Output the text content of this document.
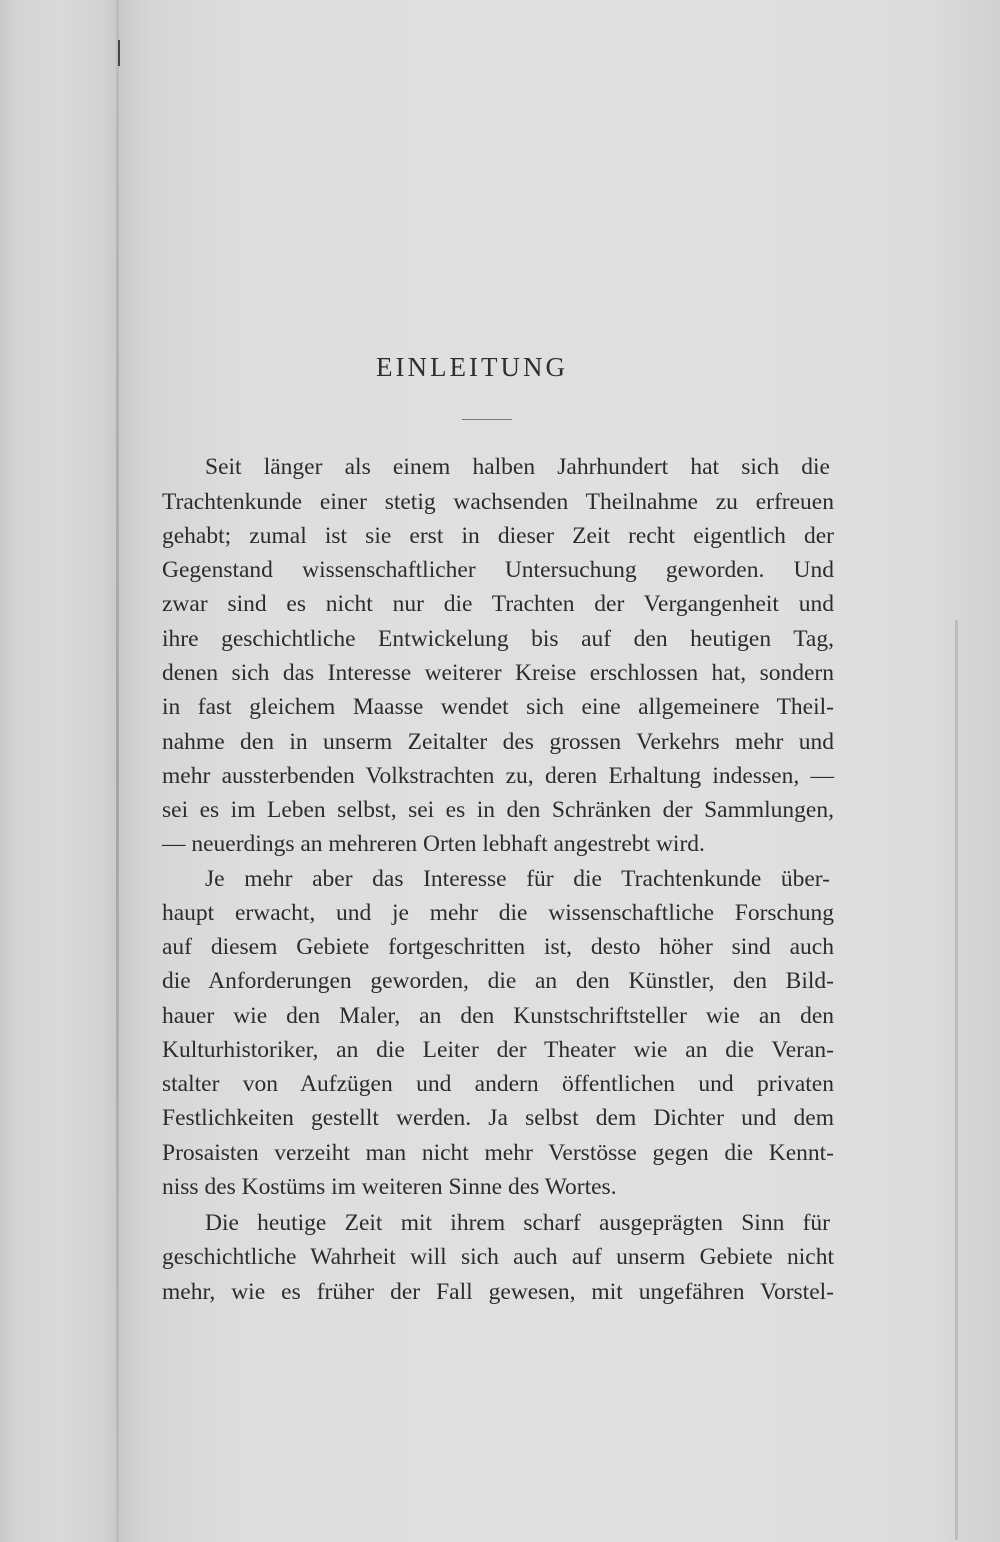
EINLEITUNG
Seit länger als einem halben Jahrhundert hat sich die
Trachtenkunde einer stetig wachsenden Theilnahme zu erfreuen
gehabt; zumal ist sie erst in dieser Zeit recht eigentlich der
Gegenstand wissenschaftlicher Untersuchung geworden. Und
zwar sind es nicht nur die Trachten der Vergangenheit und
ihre geschichtliche Entwickelung bis auf den heutigen Tag,
denen sich das Interesse weiterer Kreise erschlossen hat, sondern
in fast gleichem Maasse wendet sich eine allgemeinere Theil-
nahme den in unserm Zeitalter des grossen Verkehrs mehr und
mehr aussterbenden Volkstrachten zu, deren Erhaltung indessen, —
sei es im Leben selbst, sei es in den Schränken der Sammlungen,
— neuerdings an mehreren Orten lebhaft angestrebt wird.
Je mehr aber das Interesse für die Trachtenkunde über-
haupt erwacht, und je mehr die wissenschaftliche Forschung
auf diesem Gebiete fortgeschritten ist, desto höher sind auch
die Anforderungen geworden, die an den Künstler, den Bild-
hauer wie den Maler, an den Kunstschriftsteller wie an den
Kulturhistoriker, an die Leiter der Theater wie an die Veran-
stalter von Aufzügen und andern öffentlichen und privaten
Festlichkeiten gestellt werden. Ja selbst dem Dichter und dem
Prosaisten verzeiht man nicht mehr Verstösse gegen die Kennt-
niss des Kostüms im weiteren Sinne des Wortes.
Die heutige Zeit mit ihrem scharf ausgeprägten Sinn für
geschichtliche Wahrheit will sich auch auf unserm Gebiete nicht
mehr, wie es früher der Fall gewesen, mit ungefähren Vorstel-
